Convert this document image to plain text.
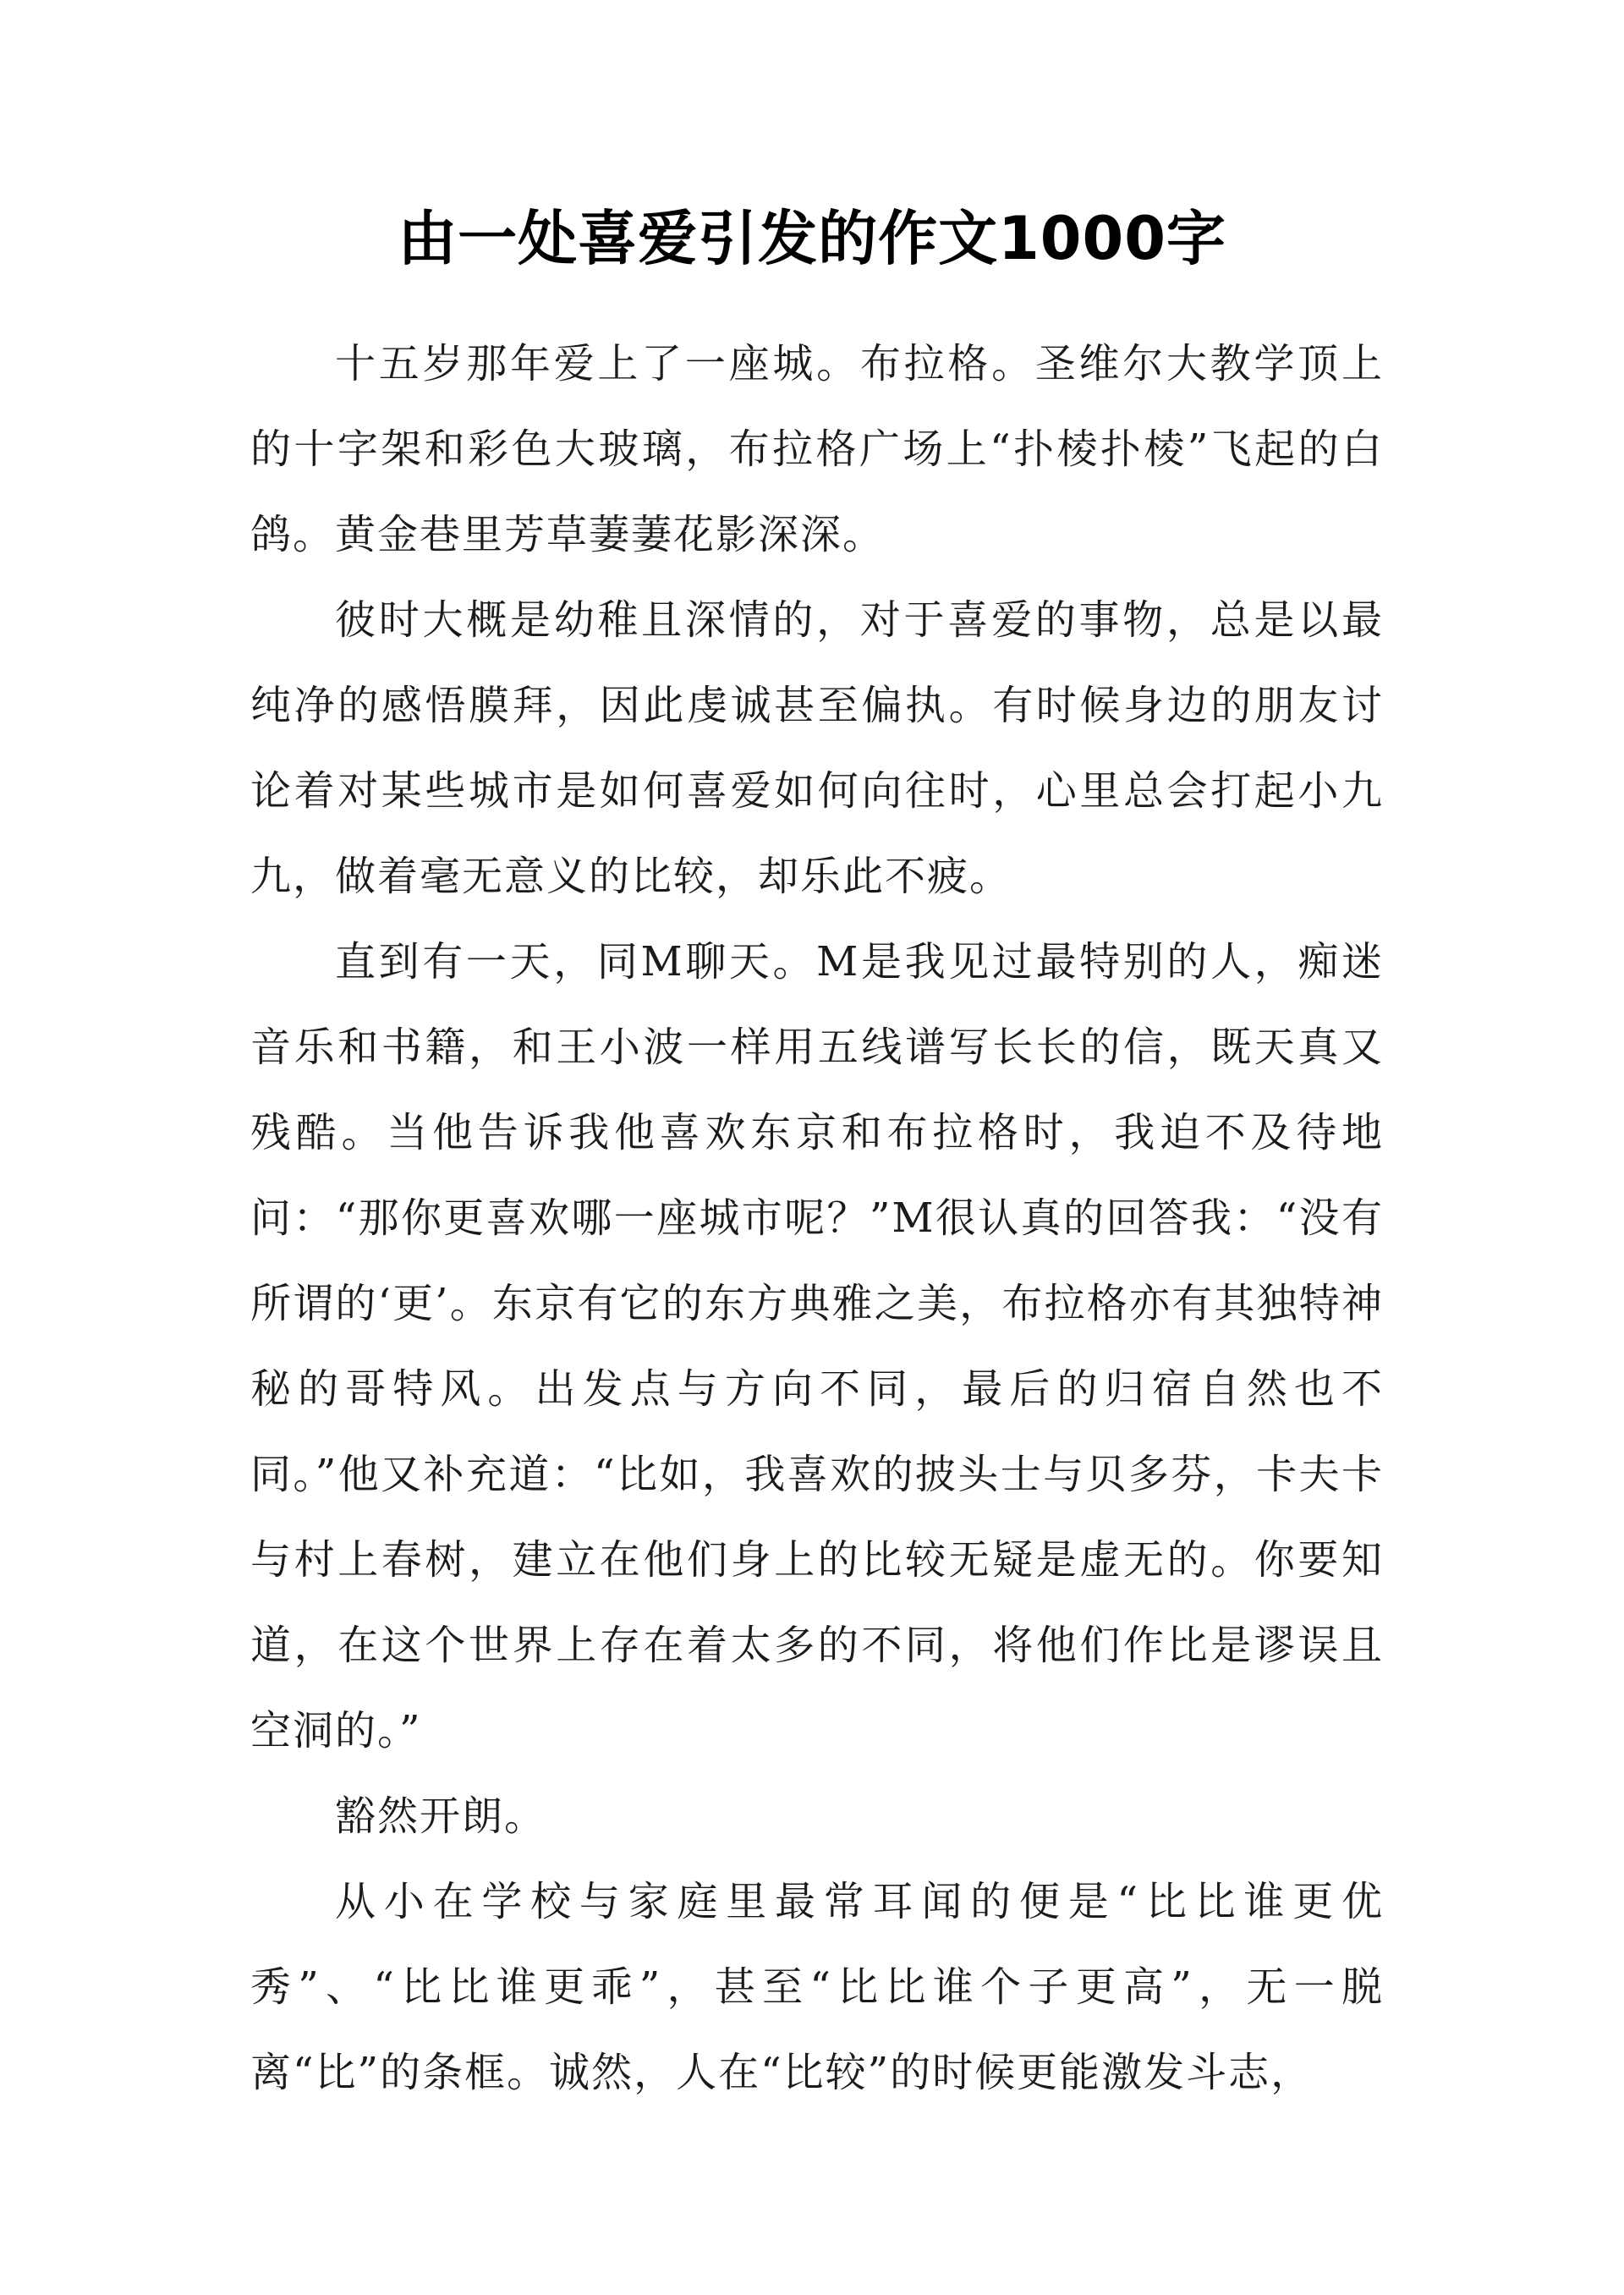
由一处喜爱引发的作文1000字

十五岁那年爱上了一座城。布拉格。圣维尔大教学顶上的十字架和彩色大玻璃，布拉格广场上“扑棱扑棱”飞起的白鸽。黄金巷里芳草萋萋花影深深。

彼时大概是幼稚且深情的，对于喜爱的事物，总是以最纯净的感悟膜拜，因此虔诚甚至偏执。有时候身边的朋友讨论着对某些城市是如何喜爱如何向往时，心里总会打起小九九，做着毫无意义的比较，却乐此不疲。

直到有一天，同M聊天。M是我见过最特别的人，痴迷音乐和书籍，和王小波一样用五线谱写长长的信，既天真又残酷。当他告诉我他喜欢东京和布拉格时，我迫不及待地问：“那你更喜欢哪一座城市呢？”M很认真的回答我：“没有所谓的‘更’。东京有它的东方典雅之美，布拉格亦有其独特神秘的哥特风。出发点与方向不同，最后的归宿自然也不同。”他又补充道：“比如，我喜欢的披头士与贝多芬，卡夫卡与村上春树，建立在他们身上的比较无疑是虚无的。你要知道，在这个世界上存在着太多的不同，将他们作比是谬误且空洞的。”

豁然开朗。

从小在学校与家庭里最常耳闻的便是“比比谁更优秀”、“比比谁更乖”，甚至“比比谁个子更高”，无一脱离“比”的条框。诚然，人在“比较”的时候更能激发斗志，
